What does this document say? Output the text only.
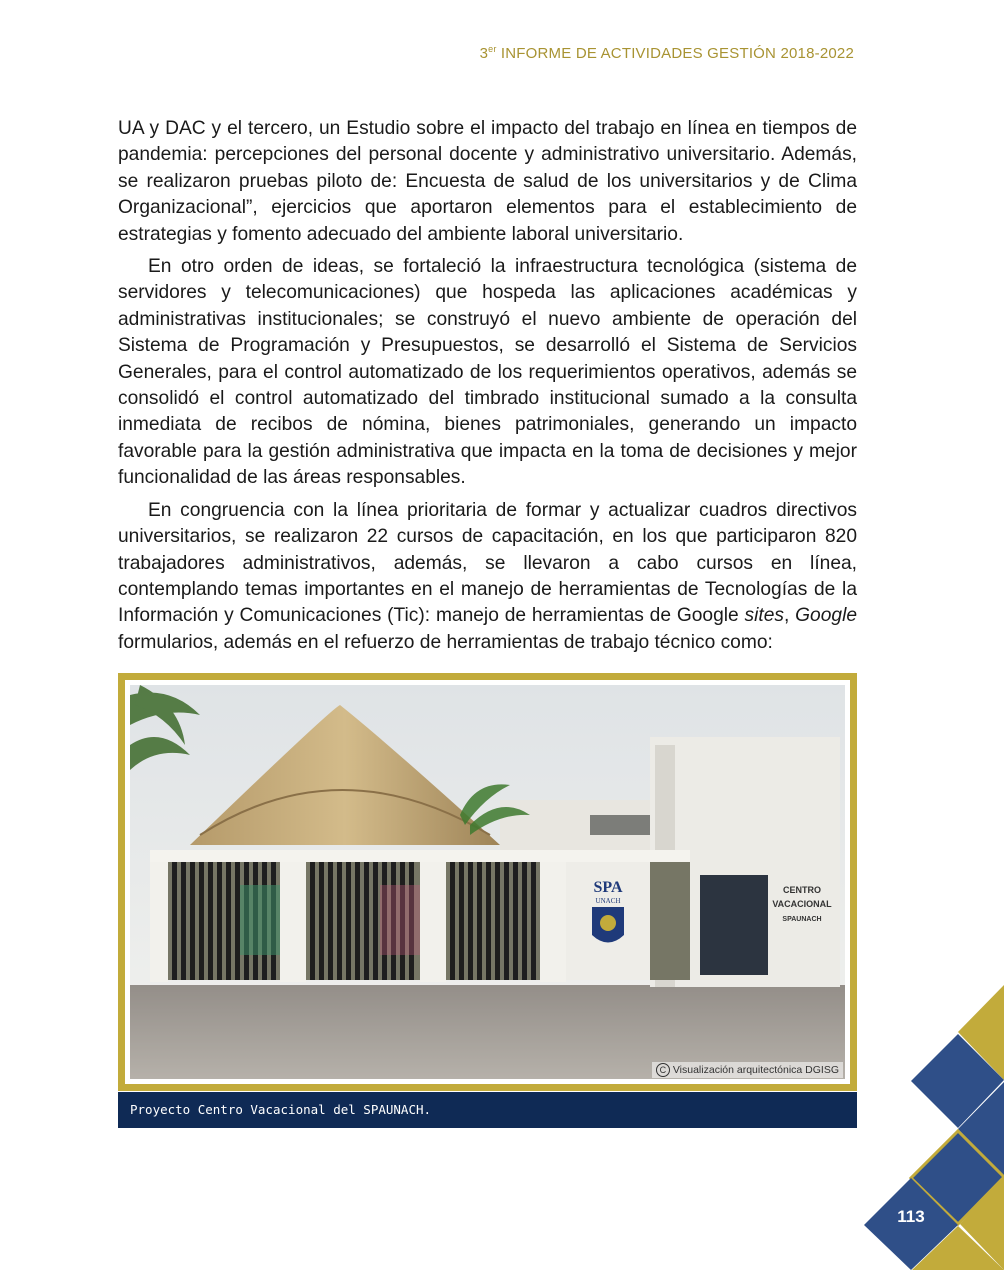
3er INFORME DE ACTIVIDADES GESTIÓN 2018-2022

UA y DAC y el tercero, un Estudio sobre el impacto del trabajo en línea en tiempos de pandemia: percepciones del personal docente y administrativo universitario. Además, se realizaron pruebas piloto de: Encuesta de salud de los universitarios y de Clima Organizacional”, ejercicios que aportaron elementos para el establecimiento de estrategias y fomento adecuado del ambiente laboral universitario.

En otro orden de ideas, se fortaleció la infraestructura tecnológica (sistema de servidores y telecomunicaciones) que hospeda las aplicaciones académicas y administrativas institucionales; se construyó el nuevo ambiente de operación del Sistema de Programación y Presupuestos, se desarrolló el Sistema de Servicios Generales, para el control automatizado de los requerimientos operativos, además se consolidó el control automatizado del timbrado institucional sumado a la consulta inmediata de recibos de nómina, bienes patrimoniales, generando un impacto favorable para la gestión administrativa que impacta en la toma de decisiones y mejor funcionalidad de las áreas responsables.

En congruencia con la línea prioritaria de formar y actualizar cuadros directivos universitarios, se realizaron 22 cursos de capacitación, en los que participaron 820 trabajadores administrativos, además, se llevaron a cabo cursos en línea, contemplando temas importantes en el manejo de herramientas de Tecnologías de la Información y Comunicaciones (Tic): manejo de herramientas de Google sites, Google formularios, además en el refuerzo de herramientas de trabajo técnico como:

SPA
UNACH
CENTRO
VACACIONAL
SPAUNACH
C Visualización arquitectónica DGISG
Proyecto Centro Vacacional del SPAUNACH.
113
